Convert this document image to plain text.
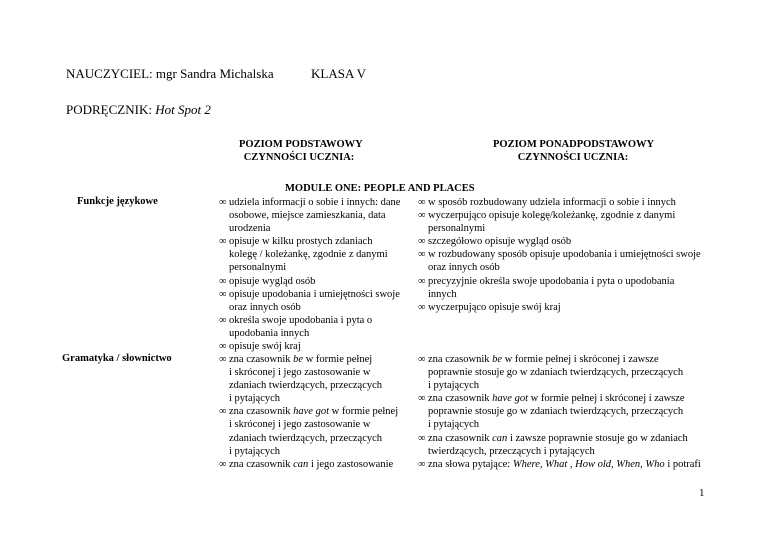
NAUCZYCIEL: mgr Sandra Michalska	KLASA V
PODRĘCZNIK: Hot Spot 2
POZIOM PODSTAWOWY
CZYNNOŚCI UCZNIA:
POZIOM PONADPODSTAWOWY
CZYNNOŚCI UCZNIA:
MODULE ONE: PEOPLE AND PLACES
Funkcje językowe
Gramatyka / słownictwo
∞ udziela informacji o sobie i innych: dane
osobowe, miejsce zamieszkania, data
urodzenia
∞ opisuje w kilku prostych zdaniach
kolegę / koleżankę, zgodnie z danymi
personalnymi
∞ opisuje wygląd osób
∞ opisuje upodobania i umiejętności swoje
oraz innych osób
∞ określa swoje upodobania i pyta o
upodobania innych
∞ opisuje swój kraj
∞ w sposób rozbudowany udziela informacji o sobie i innych
∞ wyczerpująco opisuje kolegę/koleżankę, zgodnie z danymi
personalnymi
∞ szczegółowo opisuje wygląd osób
∞ w rozbudowany sposób opisuje upodobania i umiejętności swoje
oraz innych osób
∞ precyzyjnie określa swoje upodobania i pyta o upodobania
innych
∞ wyczerpująco opisuje swój kraj
∞ zna czasownik be w formie pełnej
i skróconej i jego zastosowanie w
zdaniach twierdzących, przeczących
i pytających
∞ zna czasownik have got w formie pełnej
i skróconej i jego zastosowanie w
zdaniach twierdzących, przeczących
i pytających
∞ zna czasownik can i jego zastosowanie
∞ zna czasownik be w formie pełnej i skróconej i zawsze
poprawnie stosuje go w zdaniach twierdzących, przeczących
i pytających
∞ zna czasownik have got w formie pełnej i skróconej i zawsze
poprawnie stosuje go w zdaniach twierdzących, przeczących
i pytających
∞ zna czasownik can i zawsze poprawnie stosuje go w zdaniach
twierdzących, przeczących i pytających
∞ zna słowa pytające: Where, What , How old, When, Who i potrafi
1
